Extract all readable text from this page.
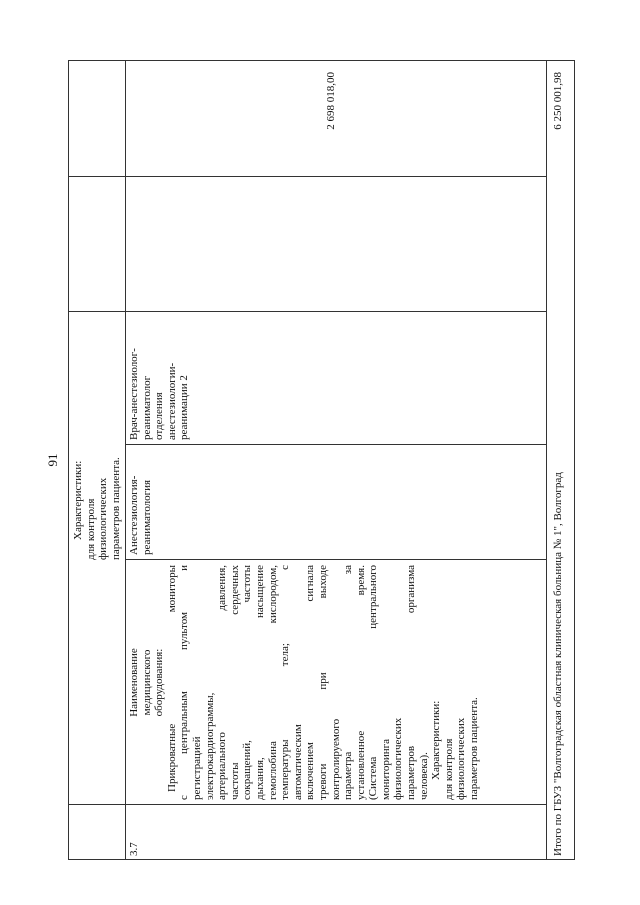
91

Характеристики: для контроля физиологических параметров пациента.

3.7

Наименование медицинского оборудования: Прикроватные мониторы с центральным пультом и регистрацией электрокардиограммы, артериального давления, частоты сердечных сокращений, частоты дыхания, насыщение гемоглобина кислородом, температуры тела; с автоматическим включением сигнала тревоги при выходе контролируемого параметра за установленное время. (Система центрального мониторинга физиологических параметров организма человека). Характеристики: для контроля физиологических параметров пациента.

Анестезиология- реаниматология

Врач-анестезиолог- реаниматолог отделения анестезиологии- реанимации 2

2 698 018,00
Итого по ГБУЗ "Волгоградская областная клиническая больница № 1", Волгоград
6 250 001,98
